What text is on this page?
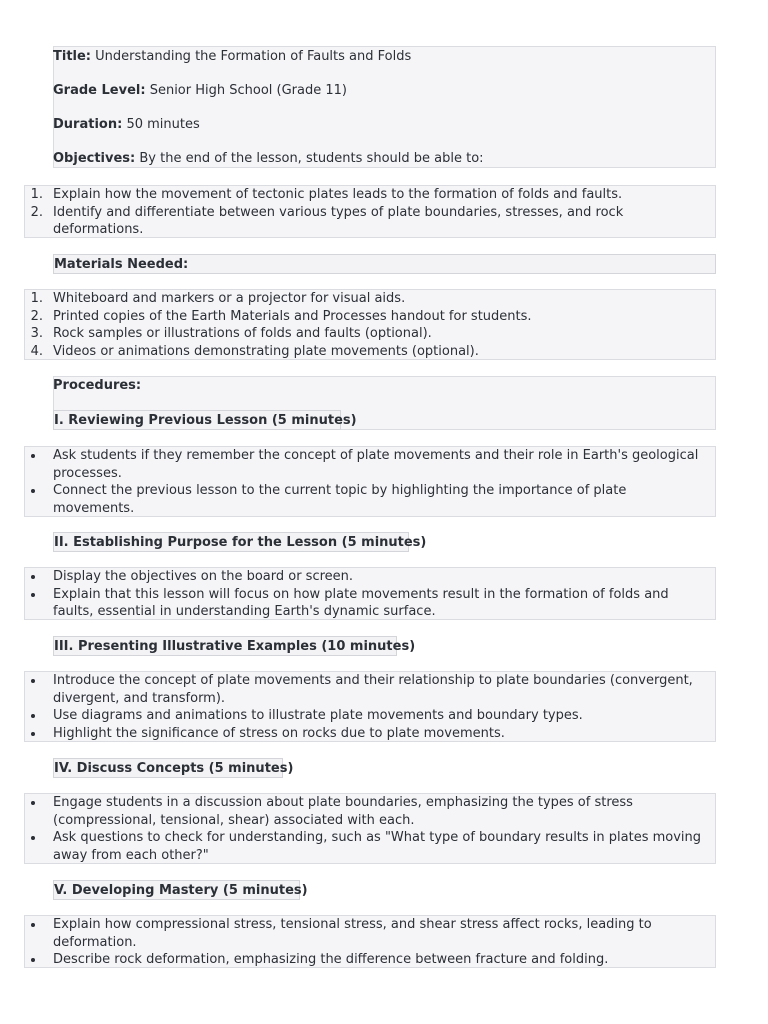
Title: Understanding the Formation of Faults and Folds
Grade Level: Senior High School (Grade 11)
Duration: 50 minutes
Objectives: By the end of the lesson, students should be able to:
1. Explain how the movement of tectonic plates leads to the formation of folds and faults.
2. Identify and differentiate between various types of plate boundaries, stresses, and rock deformations.
Materials Needed:
1. Whiteboard and markers or a projector for visual aids.
2. Printed copies of the Earth Materials and Processes handout for students.
3. Rock samples or illustrations of folds and faults (optional).
4. Videos or animations demonstrating plate movements (optional).
Procedures:
I. Reviewing Previous Lesson (5 minutes)
Ask students if they remember the concept of plate movements and their role in Earth's geological processes.
Connect the previous lesson to the current topic by highlighting the importance of plate movements.
II. Establishing Purpose for the Lesson (5 minutes)
Display the objectives on the board or screen.
Explain that this lesson will focus on how plate movements result in the formation of folds and faults, essential in understanding Earth's dynamic surface.
III. Presenting Illustrative Examples (10 minutes)
Introduce the concept of plate movements and their relationship to plate boundaries (convergent, divergent, and transform).
Use diagrams and animations to illustrate plate movements and boundary types.
Highlight the significance of stress on rocks due to plate movements.
IV. Discuss Concepts (5 minutes)
Engage students in a discussion about plate boundaries, emphasizing the types of stress (compressional, tensional, shear) associated with each.
Ask questions to check for understanding, such as "What type of boundary results in plates moving away from each other?"
V. Developing Mastery (5 minutes)
Explain how compressional stress, tensional stress, and shear stress affect rocks, leading to deformation.
Describe rock deformation, emphasizing the difference between fracture and folding.
